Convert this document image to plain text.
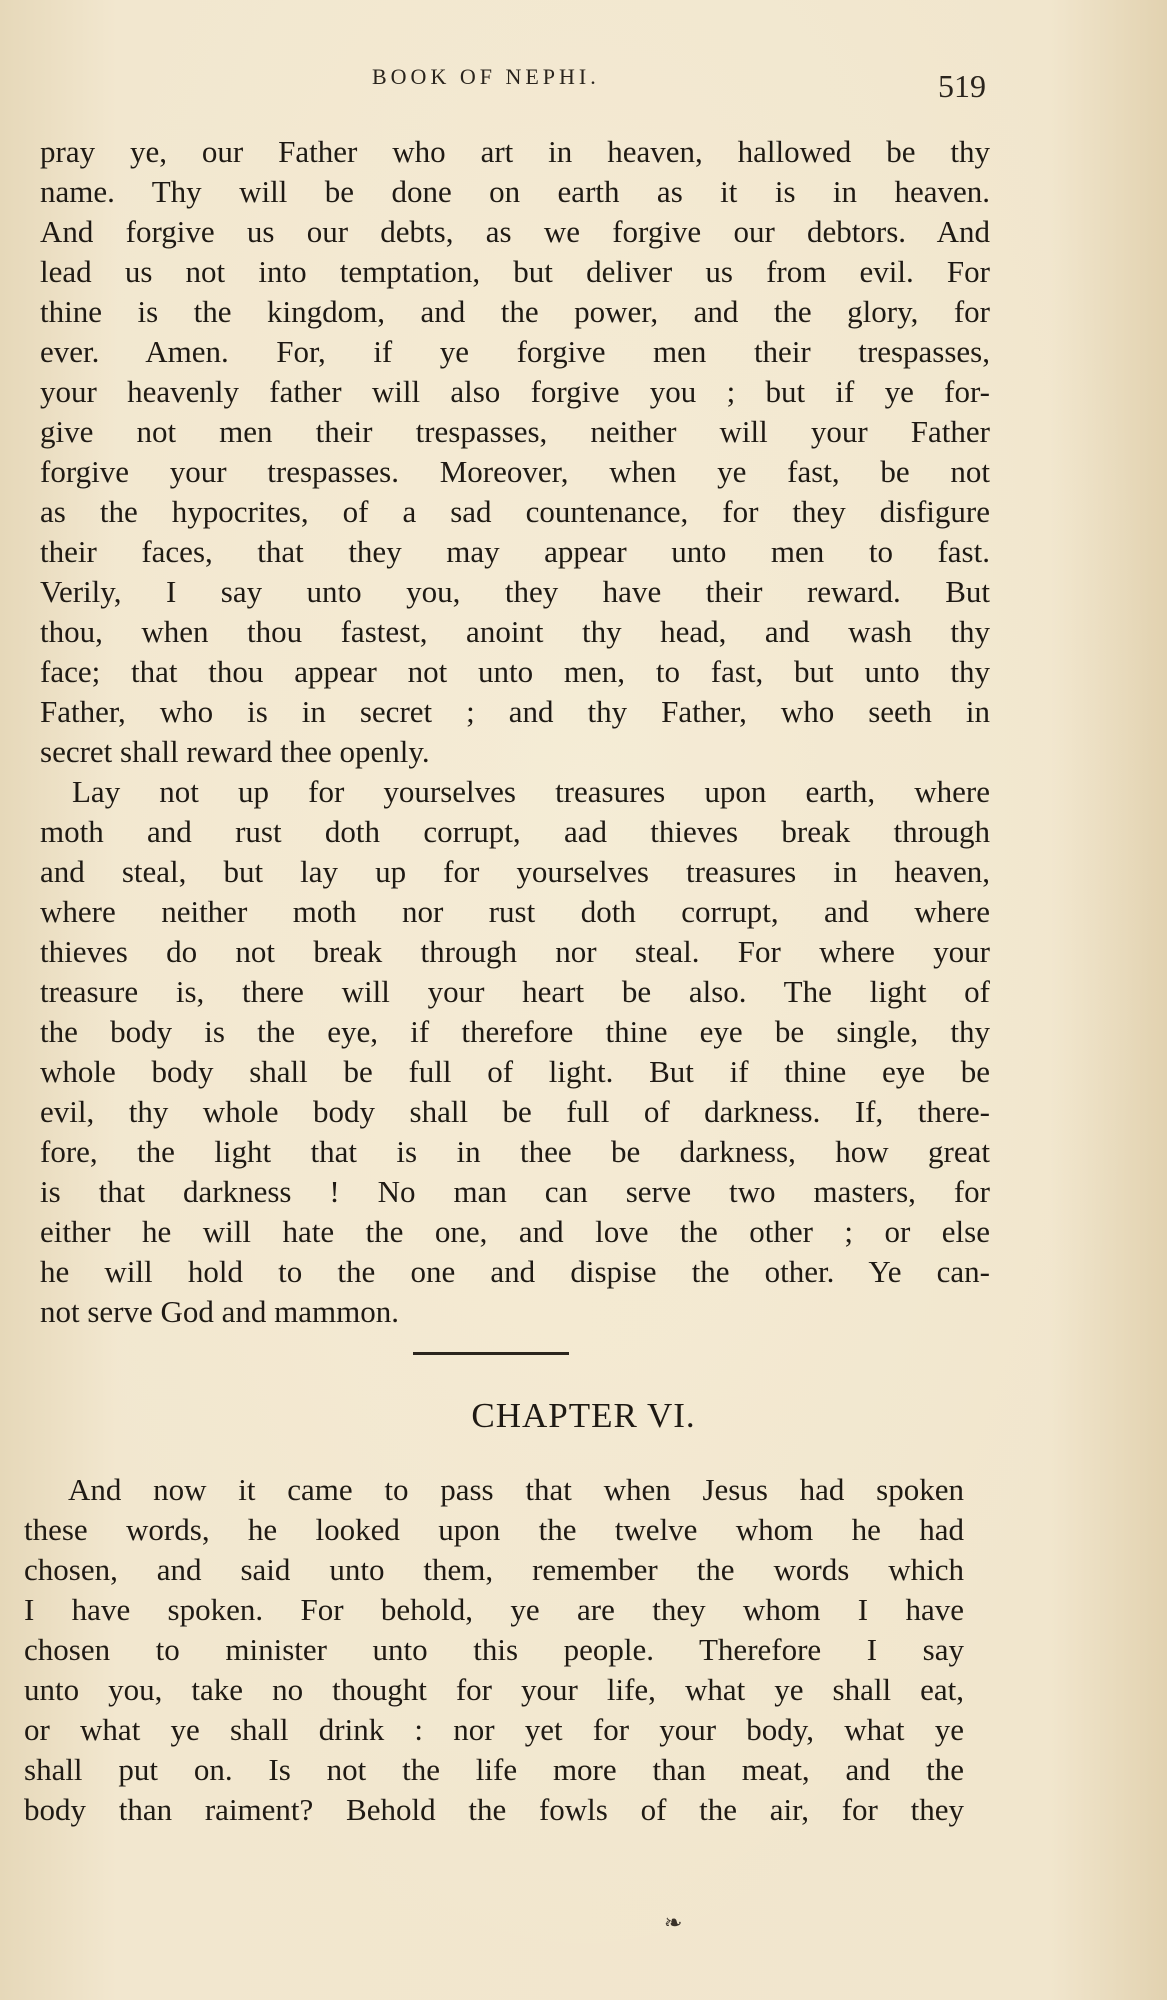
BOOK OF NEPHI.	519
pray ye, our Father who art in heaven, hallowed be thy
name. Thy will be done on earth as it is in heaven.
And forgive us our debts, as we forgive our debtors. And
lead us not into temptation, but deliver us from evil. For
thine is the kingdom, and the power, and the glory, for
ever. Amen. For, if ye forgive men their trespasses,
your heavenly father will also forgive you ; but if ye for-
give not men their trespasses, neither will your Father
forgive your trespasses. Moreover, when ye fast, be not
as the hypocrites, of a sad countenance, for they disfigure
their faces, that they may appear unto men to fast.
Verily, I say unto you, they have their reward. But
thou, when thou fastest, anoint thy head, and wash thy
face; that thou appear not unto men, to fast, but unto thy
Father, who is in secret ; and thy Father, who seeth in
secret shall reward thee openly.
Lay not up for yourselves treasures upon earth, where
moth and rust doth corrupt, aad thieves break through
and steal, but lay up for yourselves treasures in heaven,
where neither moth nor rust doth corrupt, and where
thieves do not break through nor steal. For where your
treasure is, there will your heart be also. The light of
the body is the eye, if therefore thine eye be single, thy
whole body shall be full of light. But if thine eye be
evil, thy whole body shall be full of darkness. If, there-
fore, the light that is in thee be darkness, how great
is that darkness ! No man can serve two masters, for
either he will hate the one, and love the other ; or else
he will hold to the one and dispise the other. Ye can-
not serve God and mammon.
CHAPTER VI.
And now it came to pass that when Jesus had spoken
these words, he looked upon the twelve whom he had
chosen, and said unto them, remember the words which
I have spoken. For behold, ye are they whom I have
chosen to minister unto this people. Therefore I say
unto you, take no thought for your life, what ye shall eat,
or what ye shall drink : nor yet for your body, what ye
shall put on. Is not the life more than meat, and the
body than raiment? Behold the fowls of the air, for they
❧
